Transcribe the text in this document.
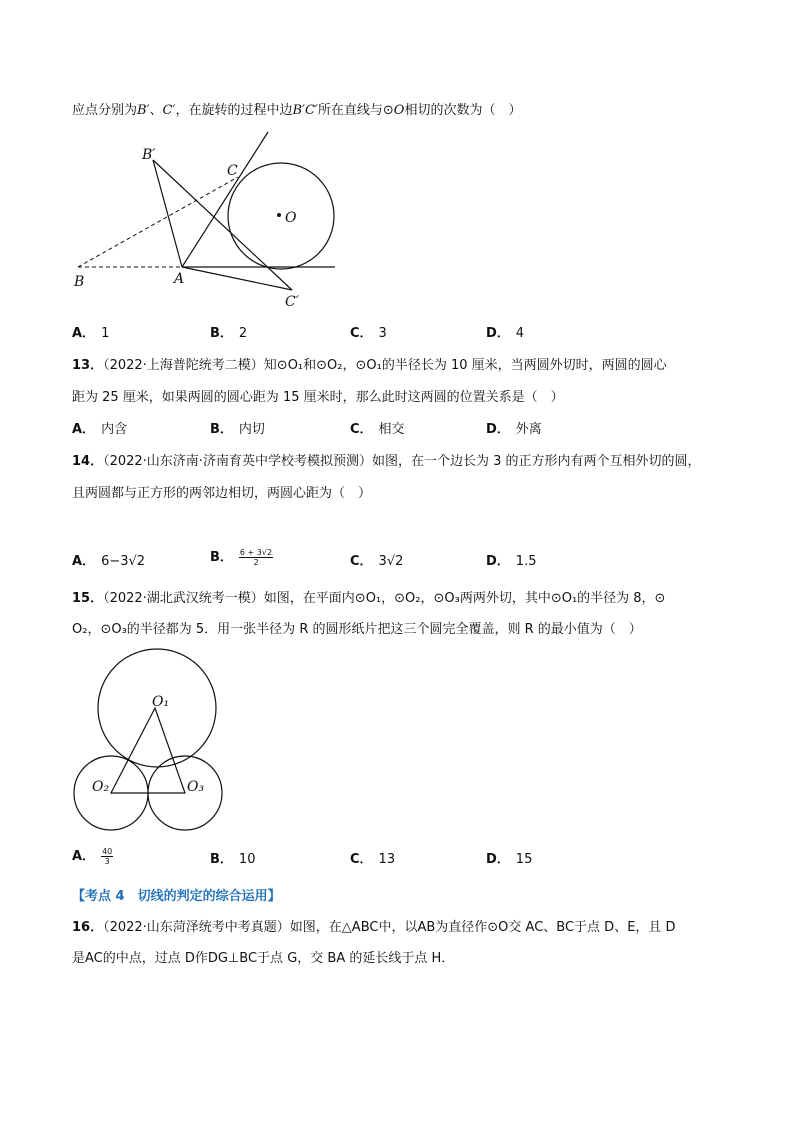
应点分别为B′、C′，在旋转的过程中边B′C′所在直线与⊙O相切的次数为（　）
B′
C
O
B	A
C′
A． 1	B． 2	C． 3	D． 4
13．（2022·上海普陀统考二模）知⊙O₁和⊙O₂，⊙O₁的半径长为 10 厘米，当两圆外切时，两圆的圆心
距为 25 厘米，如果两圆的圆心距为 15 厘米时，那么此时这两圆的位置关系是（　）
A． 内含	B． 内切	C． 相交	D． 外离
14．（2022·山东济南·济南育英中学校考模拟预测）如图，在一个边长为 3 的正方形内有两个互相外切的圆，
且两圆都与正方形的两邻边相切，两圆心距为（　）
A． 6−3√2	B． $\frac{6 + 3√2}{2}$	C． 3√2	D． 1.5
15．（2022·湖北武汉统考一模）如图，在平面内⊙O₁，⊙O₂，⊙O₃两两外切，其中⊙O₁的半径为 8，⊙
O₂，⊙O₃的半径都为 5．用一张半径为 R 的圆形纸片把这三个圆完全覆盖，则 R 的最小值为（　）
O₁
O₂	O₃
A． $\frac{40}{3}$	B． 10	C． 13	D． 15
【考点 4　切线的判定的综合运用】
16．（2022·山东菏泽统考中考真题）如图，在△ABC中，以AB为直径作⊙O交 AC、BC于点 D、E，且 D
是AC的中点，过点 D作DG⊥BC于点 G，交 BA 的延长线于点 H．
